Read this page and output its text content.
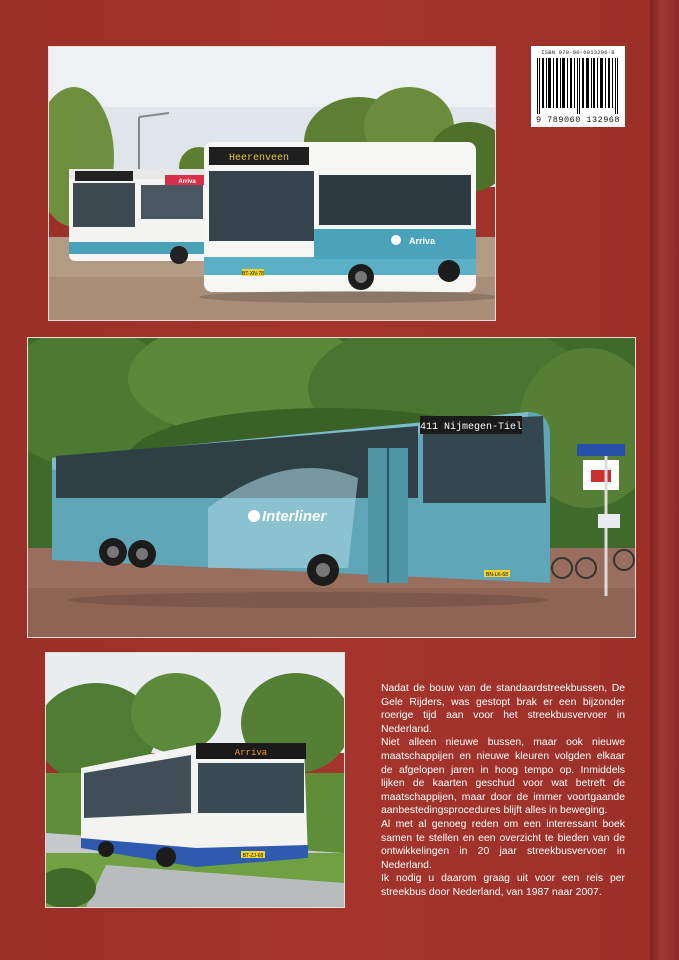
Arriva
Heerenveen
Arriva
BT-XN-78
ISBN 978-90-6013296-8
9 789060 132968
411 Nijmegen-Tiel
Interliner
BN-LK-68
Arriva
BT-ZJ-68

Nadat de bouw van de standaardstreekbussen, De Gele Rijders, was gestopt brak er een bijzonder roerige tijd aan voor het streekbusvervoer in Nederland.

Niet alleen nieuwe bussen, maar ook nieuwe maatschappijen en nieuwe kleuren volgden elkaar de afgelopen jaren in hoog tempo op. Inmiddels lijken de kaarten geschud voor wat betreft de maatschappijen, maar door de immer voortgaande aanbestedingsprocedures blijft alles in beweging.

Al met al genoeg reden om een interessant boek samen te stellen en een overzicht te bieden van de ontwikkelingen in 20 jaar streekbusvervoer in Nederland.

Ik nodig u daarom graag uit voor een reis per streekbus door Nederland, van 1987 naar 2007.
